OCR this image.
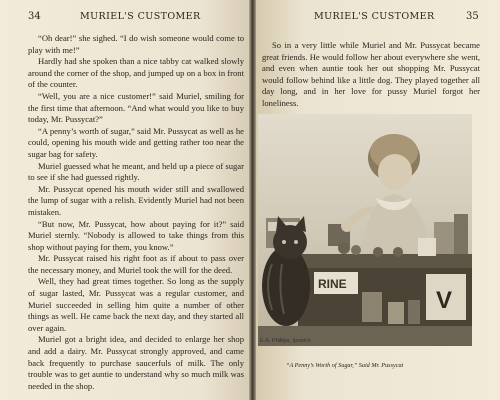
34	MURIEL'S CUSTOMER

“Oh dear!” she sighed. “I do wish someone would come to play with me!”

Hardly had she spoken than a nice tabby cat walked slowly around the corner of the shop, and jumped up on a box in front of the counter.

“Well, you are a nice customer!” said Muriel, smiling for the first time that afternoon. “And what would you like to buy today, Mr. Pussycat?”

“A penny’s worth of sugar,” said Mr. Pussycat as well as he could, opening his mouth wide and getting rather too near the sugar bag for safety.

Muriel guessed what he meant, and held up a piece of sugar to see if she had guessed rightly.

Mr. Pussycat opened his mouth wider still and swallowed the lump of sugar with a relish. Evidently Muriel had not been mistaken.

“But now, Mr. Pussycat, how about paying for it?” said Muriel sternly. “Nobody is allowed to take things from this shop without paying for them, you know.”

Mr. Pussycat raised his right foot as if about to pass over the necessary money, and Muriel took the will for the deed.

Well, they had great times together. So long as the supply of sugar lasted, Mr. Pussycat was a regular customer, and Muriel succeeded in selling him quite a number of other things as well. He came back the next day, and they started all over again.

Muriel got a bright idea, and decided to enlarge her shop and add a dairy. Mr. Pussycat strongly approved, and came back frequently to purchase saucerfuls of milk. The only trouble was to get auntie to understand why so much milk was needed in the shop.

MURIEL'S CUSTOMER	35

So in a very little while Muriel and Mr. Pussycat became great friends. He would follow her about everywhere she went, and even when auntie took her out shopping Mr. Pussycat would follow behind like a little dog. They played together all day long, and in her love for pussy Muriel forgot her loneliness.

RINE
V
E.A. Phillips, Ipswich
“A Penny’s Worth of Sugar,” Said Mr. Pussycat
